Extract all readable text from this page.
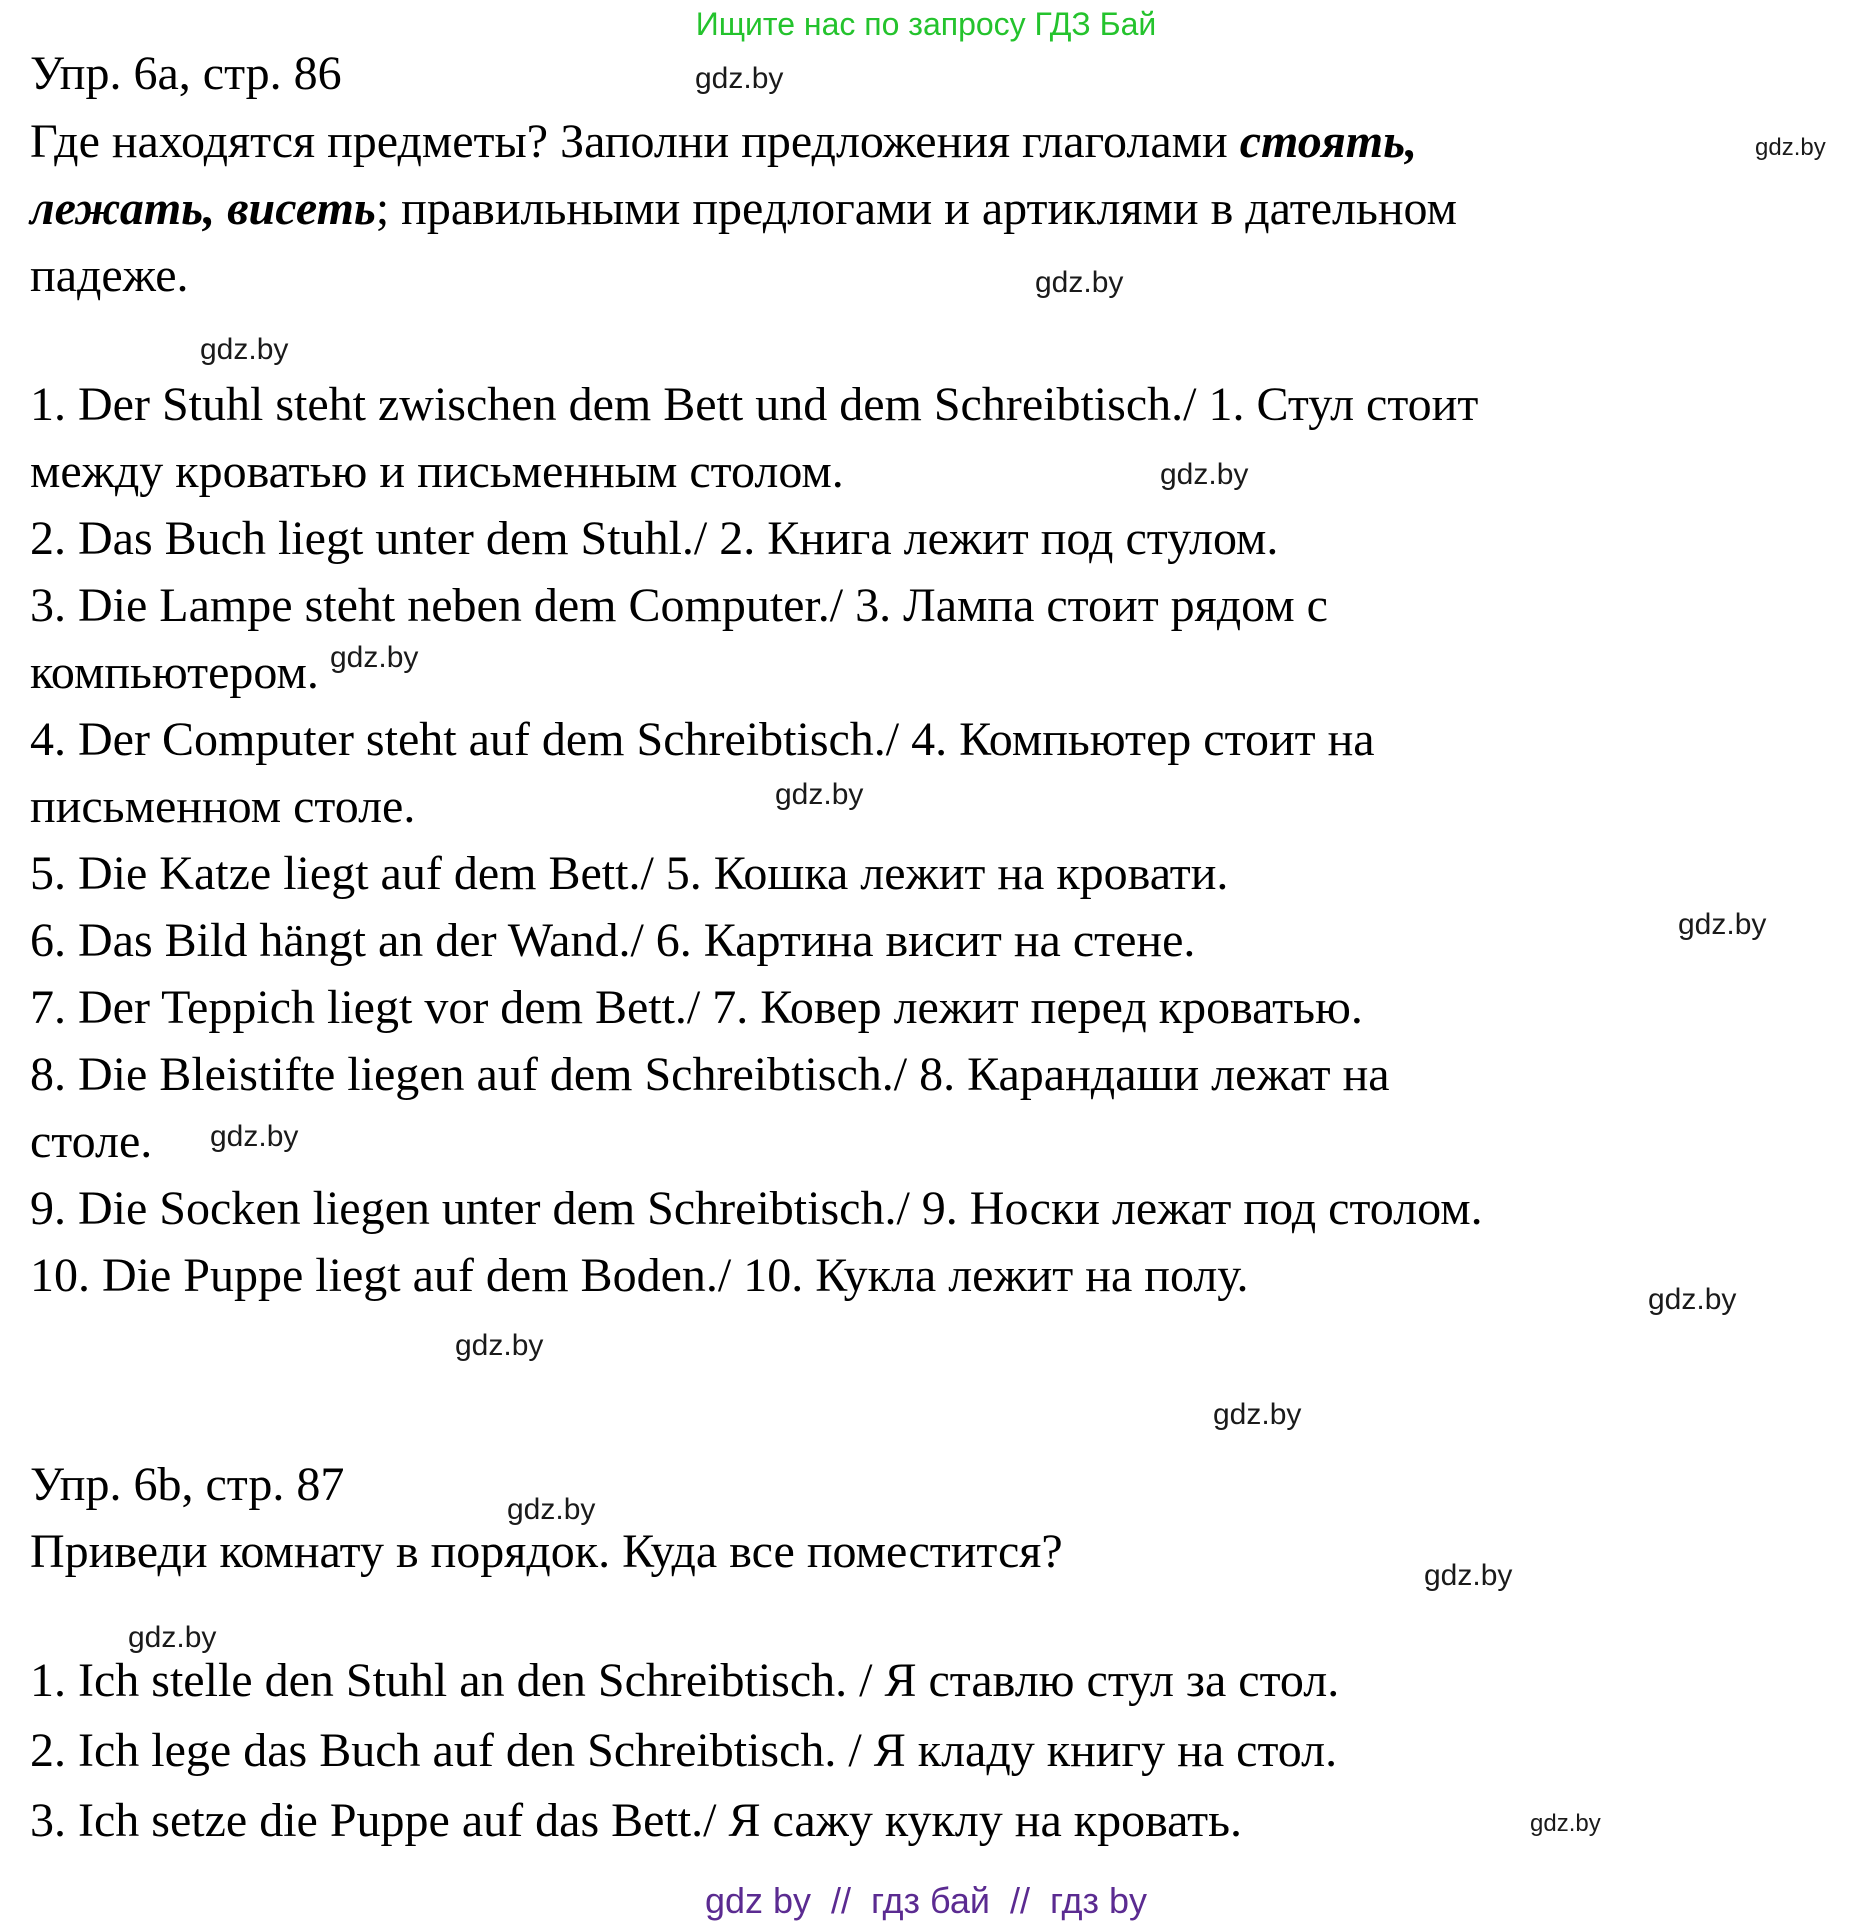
Ищите нас по запросу ГДЗ Бай
Упр. 6а, стр. 86
Где находятся предметы? Заполни предложения глаголами стоять,
лежать, висеть; правильными предлогами и артиклями в дательном
падеже.
1. Der Stuhl steht zwischen dem Bett und dem Schreibtisch./ 1. Стул стоит
между кроватью и письменным столом.
2. Das Buch liegt unter dem Stuhl./ 2. Книга лежит под стулом.
3. Die Lampe steht neben dem Computer./ 3. Лампа стоит рядом с
компьютером.
4. Der Computer steht auf dem Schreibtisch./ 4. Компьютер стоит на
письменном столе.
5. Die Katze liegt auf dem Bett./ 5. Кошка лежит на кровати.
6. Das Bild hängt an der Wand./ 6. Картина висит на стене.
7. Der Teppich liegt vor dem Bett./ 7. Ковер лежит перед кроватью.
8. Die Bleistifte liegen auf dem Schreibtisch./ 8. Карандаши лежат на
столе.
9. Die Socken liegen unter dem Schreibtisch./ 9. Носки лежат под столом.
10. Die Puppe liegt auf dem Boden./ 10. Кукла лежит на полу.
Упр. 6b, стр. 87
Приведи комнату в порядок. Куда все поместится?
1. Ich stelle den Stuhl an den Schreibtisch. / Я ставлю стул за стол.
2. Ich lege das Buch auf den Schreibtisch. / Я кладу книгу на стол.
3. Ich setze die Puppe auf das Bett./ Я сажу куклу на кровать.
gdz.by
gdz.by
gdz.by
gdz.by
gdz.by
gdz.by
gdz.by
gdz.by
gdz.by
gdz.by
gdz.by
gdz.by
gdz.by
gdz.by
gdz.by
gdz.by
gdz by  //  гдз бай  //  гдз by
